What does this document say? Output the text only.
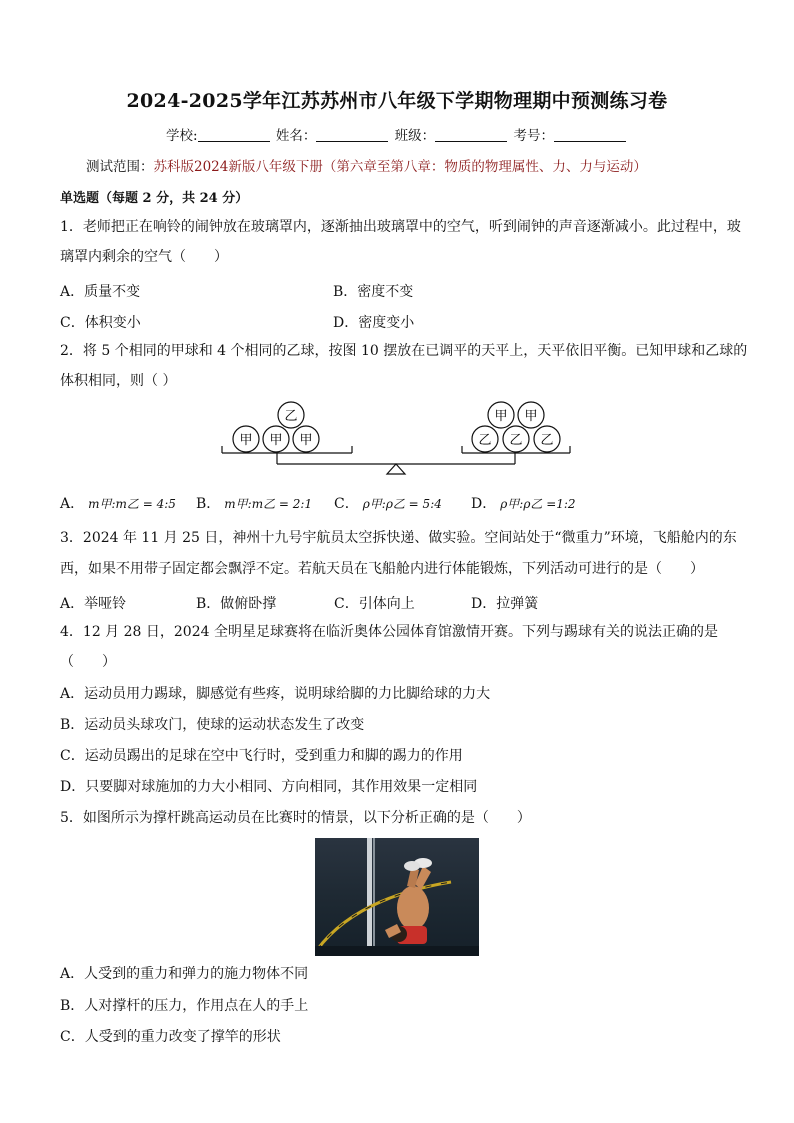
2024-2025学年江苏苏州市八年级下学期物理期中预测练习卷
学校:	姓名：	班级：	考号：
测试范围：苏科版2024新版八年级下册（第六章至第八章：物质的物理属性、力、力与运动）
单选题（每题 2 分，共 24 分）
1．老师把正在响铃的闹钟放在玻璃罩内，逐渐抽出玻璃罩中的空气，听到闹钟的声音逐渐减小。此过程中，玻
璃罩内剩余的空气（　　）
A．质量不变	B．密度不变
C．体积变小	D．密度变小
2．将 5 个相同的甲球和 4 个相同的乙球，按图 10 摆放在已调平的天平上，天平依旧平衡。已知甲球和乙球的
体积相同，则（ ）
甲 甲 甲
乙
乙 乙 乙
甲 甲
A． m甲:m乙 = 4:5 B． m甲:m乙 = 2:1 C． ρ甲:ρ乙 = 5:4 D． ρ甲:ρ乙 =1:2
3．2024 年 11 月 25 日，神州十九号宇航员太空拆快递、做实验。空间站处于“微重力”环境，飞船舱内的东
西，如果不用带子固定都会飘浮不定。若航天员在飞船舱内进行体能锻炼，下列活动可进行的是（　　）
A．举哑铃	B．做俯卧撑	C．引体向上	D．拉弹簧
4．12 月 28 日，2024 全明星足球赛将在临沂奥体公园体育馆激情开赛。下列与踢球有关的说法正确的是
（　　）
A．运动员用力踢球，脚感觉有些疼，说明球给脚的力比脚给球的力大
B．运动员头球攻门，使球的运动状态发生了改变
C．运动员踢出的足球在空中飞行时，受到重力和脚的踢力的作用
D．只要脚对球施加的力大小相同、方向相同，其作用效果一定相同
5．如图所示为撑杆跳高运动员在比赛时的情景，以下分析正确的是（　　）
A．人受到的重力和弹力的施力物体不同
B．人对撑杆的压力，作用点在人的手上
C．人受到的重力改变了撑竿的形状
